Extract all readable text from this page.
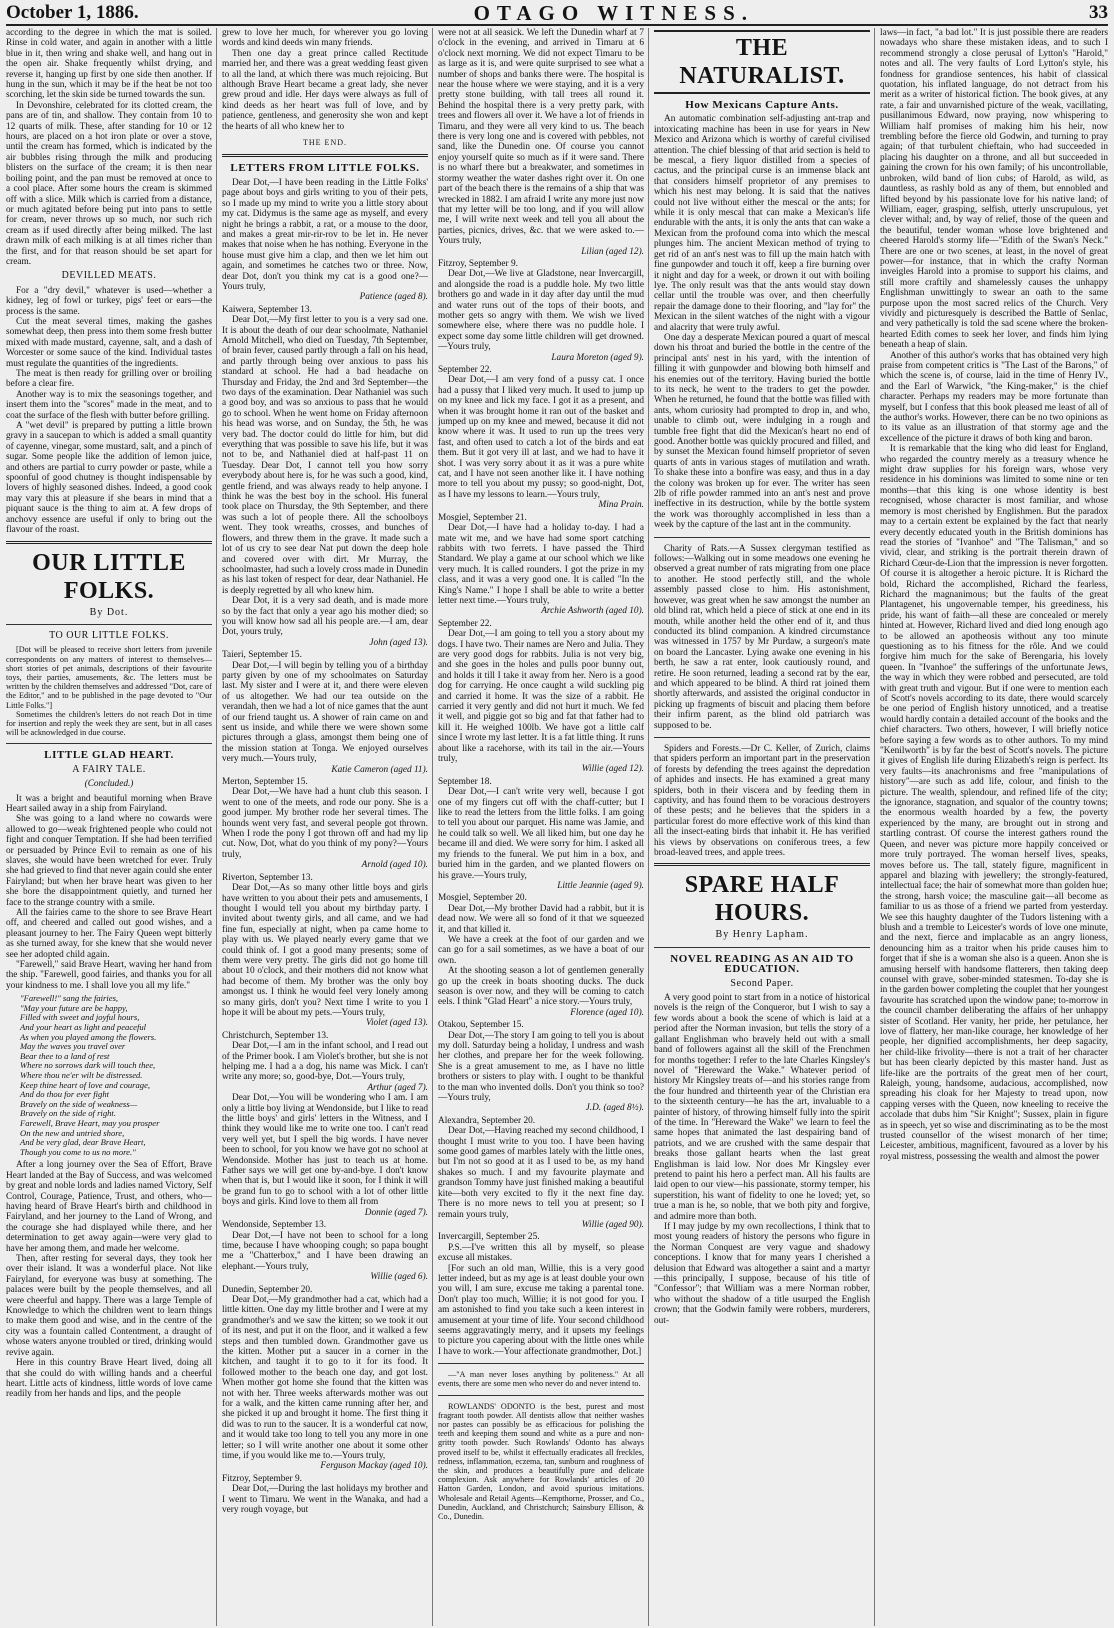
October 1, 1886.	OTAGO WITNESS.	33

according to the degree in which the mat is soiled. Rinse in cold water, and again in another with a little blue in it, then wring and shake well, and hang out in the open air. Shake frequently whilst drying, and reverse it, hanging up first by one side then another. If hung in the sun, which it may be if the heat be not too scorching, let the skin side be turned towards the sun.

In Devonshire, celebrated for its clotted cream, the pans are of tin, and shallow. They contain from 10 to 12 quarts of milk. These, after standing for 10 or 12 hours, are placed on a hot iron plate or over a stove, until the cream has formed, which is indicated by the air bubbles rising through the milk and producing blisters on the surface of the cream; it is then near boiling point, and the pan must be removed at once to a cool place. After some hours the cream is skimmed off with a slice. Milk which is carried from a distance, or much agitated before being put into pans to settle for cream, never throws up so much, nor such rich cream as if used directly after being milked. The last drawn milk of each milking is at all times richer than the first, and for that reason should be set apart for cream.

DEVILLED MEATS.

For a "dry devil," whatever is used—whether a kidney, leg of fowl or turkey, pigs' feet or ears—the process is the same.

Cut the meat several times, making the gashes somewhat deep, then press into them some fresh butter mixed with made mustard, cayenne, salt, and a dash of Worcester or some sauce of the kind. Individual tastes must regulate the quantities of the ingredients.

The meat is then ready for grilling over or broiling before a clear fire.

Another way is to mix the seasonings together, and insert them into the "scores" made in the meat, and to coat the surface of the flesh with butter before grilling.

A "wet devil" is prepared by putting a little brown gravy in a saucepan to which is added a small quantity of cayenne, vinegar, some mustard, salt, and a pinch of sugar. Some people like the addition of lemon juice, and others are partial to curry powder or paste, while a spoonful of good chutney is thought indispensable by lovers of highly seasoned dishes. Indeed, a good cook may vary this at pleasure if she bears in mind that a piquant sauce is the thing to aim at. A few drops of anchovy essence are useful if only to bring out the flavour of the roast.

OUR LITTLE FOLKS.
By Dot.
TO OUR LITTLE FOLKS.

[Dot will be pleased to receive short letters from juvenile correspondents on any matters of interest to themselves—short stories of pet animals, descriptions of their favourite toys, their parties, amusements, &c. The letters must be written by the children themselves and addressed "Dot, care of the Editor," and to be published in the page devoted to "Our Little Folks."]

Sometimes the children's letters do not reach Dot in time for insertion and reply the week they are sent, but in all cases will be acknowledged in due course.

LITTLE GLAD HEART.
A FAIRY TALE.
(Concluded.)

It was a bright and beautiful morning when Brave Heart sailed away in a ship from Fairyland.

She was going to a land where no cowards were allowed to go—weak frightened people who could not fight and conquer Temptation. If she had been terrified or persuaded by Prince Evil to remain as one of his slaves, she would have been wretched for ever. Truly she had grieved to find that never again could she enter Fairyland; but when her brave heart was given to her she bore the disappointment quietly, and turned her face to the strange country with a smile.

All the fairies came to the shore to see Brave Heart off, and cheered and called out good wishes, and a pleasant journey to her. The Fairy Queen wept bitterly as she turned away, for she knew that she would never see her adopted child again.

"Farewell," said Brave Heart, waving her hand from the ship. "Farewell, good fairies, and thanks you for all your kindness to me. I shall love you all my life."

"Farewell!" sang the fairies,
"May your future are be happy,
Filled with sweet and joyful hours,
And your heart as light and peaceful
As when you played among the flowers.
May the waves you travel over
Bear thee to a land of rest
Where no sorrows dark will touch thee,
Where thou ne'er wilt be distressed.
Keep thine heart of love and courage,
And do thou for ever fight
Bravely on the side of weakness—
Bravely on the side of right.
Farewell, Brave Heart, may you prosper
On the new and untried shore,
And be very glad, dear Brave Heart,
Though you come to us no more."

After a long journey over the Sea of Effort, Brave Heart landed at the Bay of Success, and was welcomed by great and noble lords and ladies named Victory, Self Control, Courage, Patience, Trust, and others, who—having heard of Brave Heart's birth and childhood in Fairyland, and her journey to the Land of Wrong, and the courage she had displayed while there, and her determination to get away again—were very glad to have her among them, and made her welcome.

Then, after resting for several days, they took her over their island. It was a wonderful place. Not like Fairyland, for everyone was busy at something. The palaces were built by the people themselves, and all were cheerful and happy. There was a large Temple of Knowledge to which the children went to learn things to make them good and wise, and in the centre of the city was a fountain called Contentment, a draught of whose waters anyone troubled or tired, drinking would revive again.

Here in this country Brave Heart lived, doing all that she could do with willing hands and a cheerful heart. Little acts of kindness, little words of love came readily from her hands and lips, and the people

grew to love her much, for wherever you go loving words and kind deeds win many friends.

Then one day a great prince called Rectitude married her, and there was a great wedding feast given to all the land, at which there was much rejoicing. But although Brave Heart became a great lady, she never grew proud and idle. Her days were always as full of kind deeds as her heart was full of love, and by patience, gentleness, and generosity she won and kept the hearts of all who knew her to

THE END.
LETTERS FROM LITTLE FOLKS.

Dear Dot,—I have been reading in the Little Folks' page about boys and girls writing to you of their pets, so I made up my mind to write you a little story about my cat. Didymus is the same age as myself, and every night he brings a rabbit, a rat, or a mouse to the door, and makes a great mir-rir-rov to be let in. He never makes that noise when he has nothing. Everyone in the house must give him a clap, and then we let him out again, and sometimes he catches two or three. Now, dear Dot, don't you think my cat is a good one?—Yours truly,

Patience (aged 8).

Kaiwera, September 13.

Dear Dot,—My first letter to you is a very sad one. It is about the death of our dear schoolmate, Nathaniel Arnold Mitchell, who died on Tuesday, 7th September, of brain fever, caused partly through a fall on his head, and partly through being over anxious to pass his standard at school. He had a bad headache on Thursday and Friday, the 2nd and 3rd September—the two days of the examination. Dear Nathaniel was such a good boy, and was so anxious to pass that he would go to school. When he went home on Friday afternoon his head was worse, and on Sunday, the 5th, he was very bad. The doctor could do little for him, but did everything that was possible to save his life, but it was not to be, and Nathaniel died at half-past 11 on Tuesday. Dear Dot, I cannot tell you how sorry everybody about here is, for he was such a good, kind, gentle friend, and was always ready to help anyone. I think he was the best boy in the school. His funeral took place on Thursday, the 9th September, and there was such a lot of people there. All the schoolboys went. They took wreaths, crosses, and bunches of flowers, and threw them in the grave. It made such a lot of us cry to see dear Nat put down the deep hole and covered over with dirt. Mr Murray, the schoolmaster, had such a lovely cross made in Dunedin as his last token of respect for dear, dear Nathaniel. He is deeply regretted by all who knew him.

Dear Dot, it is a very sad death, and is made more so by the fact that only a year ago his mother died; so you will know how sad all his people are.—I am, dear Dot, yours truly,

John (aged 13).

Taieri, September 15.

Dear Dot,—I will begin by telling you of a birthday party given by one of my schoolmates on Saturday last. My sister and I were at it, and there were eleven of us altogether. We had our tea outside on the verandah, then we had a lot of nice games that the aunt of our friend taught us. A shower of rain came on and sent us inside, and while there we were shown some pictures through a glass, amongst them being one of the mission station at Tonga. We enjoyed ourselves very much.—Yours truly,

Katie Cameron (aged 11).

Merton, September 15.

Dear Dot,—We have had a hunt club this season. I went to one of the meets, and rode our pony. She is a good jumper. My brother rode her several times. The hounds went very fast, and several people got thrown. When I rode the pony I got thrown off and had my lip cut. Now, Dot, what do you think of my pony?—Yours truly,

Arnold (aged 10).

Riverton, September 13.

Dear Dot,—As so many other little boys and girls have written to you about their pets and amusements, I thought I would tell you about my birthday party. I invited about twenty girls, and all came, and we had fine fun, especially at night, when pa came home to play with us. We played nearly every game that we could think of. I got a good many presents; some of them were very pretty. The girls did not go home till about 10 o'clock, and their mothers did not know what had become of them. My brother was the only boy amongst us. I think he would feel very lonely among so many girls, don't you? Next time I write to you I hope it will be about my pets.—Yours truly,

Violet (aged 13).

Christchurch, September 13.

Dear Dot,—I am in the infant school, and I read out of the Primer book. I am Violet's brother, but she is not helping me. I had a a dog, his name was Mick. I can't write any more; so, good-bye, Dot.—Yours truly,

Arthur (aged 7).

Dear Dot,—You will be wondering who I am. I am only a little boy living at Wendonside, but I like to read the little boys' and girls' letters in the Witness, and I think they would like me to write one too. I can't read very well yet, but I spell the big words. I have never been to school, for you know we have got no school at Wendonside. Mother has just to teach us at home. Father says we will get one by-and-bye. I don't know when that is, but I would like it soon, for I think it will be grand fun to go to school with a lot of other little boys and girls. Kind love to them all from

Donnie (aged 7).

Wendonside, September 13.

Dear Dot,—I have not been to school for a long time, because I have whooping cough; so papa bought me a "Chatterbox," and I have been drawing an elephant.—Yours truly,

Willie (aged 6).

Dunedin, September 20.

Dear Dot,—My grandmother had a cat, which had a little kitten. One day my little brother and I were at my grandmother's and we saw the kitten; so we took it out of its nest, and put it on the floor, and it walked a few steps and then tumbled down. Grandmother gave us the kitten. Mother put a saucer in a corner in the kitchen, and taught it to go to it for its food. It followed mother to the beach one day, and got lost. When mother got home she found that the kitten was not with her. Three weeks afterwards mother was out for a walk, and the kitten came running after her, and she picked it up and brought it home. The first thing it did was to run to the saucer. It is a wonderful cat now, and it would take too long to tell you any more in one letter; so I will write another one about it some other time, if you would like me to.—Yours truly,

Ferguson Mackay (aged 10).

Fitzroy, September 9.

Dear Dot,—During the last holidays my brother and I went to Timaru. We went in the Wanaka, and had a very rough voyage, but

were not at all seasick. We left the Dunedin wharf at 7 o'clock in the evening, and arrived in Timaru at 6 o'clock next morning. We did not expect Timaru to be as large as it is, and were quite surprised to see what a number of shops and banks there were. The hospital is near the house where we were staying, and it is a very pretty stone building, with tall trees all round it. Behind the hospital there is a very pretty park, with trees and flowers all over it. We have a lot of friends in Timaru, and they were all very kind to us. The beach there is very long one and is covered with pebbles, not sand, like the Dunedin one. Of course you cannot enjoy yourself quite so much as if it were sand. There is no wharf there but a breakwater, and sometimes in stormy weather the water dashes right over it. On one part of the beach there is the remains of a ship that was wrecked in 1882. I am afraid I write any more just now that my letter will be too long, and if you will allow me, I will write next week and tell you all about the parties, picnics, drives, &c. that we were asked to.—Yours truly,

Lilian (aged 12).

Fitzroy, September 9.

Dear Dot,—We live at Gladstone, near Invercargill, and alongside the road is a puddle hole. My two little brothers go and wade in it day after day until the mud and water runs out of the tops of their boots, and mother gets so angry with them. We wish we lived somewhere else, where there was no puddle hole. I expect some day some little children will get drowned.—Yours truly,

Laura Moreton (aged 9).

September 22.

Dear Dot,—I am very fond of a pussy cat. I once had a pussy that I liked very much. It used to jump up on my knee and lick my face. I got it as a present, and when it was brought home it ran out of the basket and jumped up on my knee and mewed, because it did not know where it was. It used to run up the trees very fast, and often used to catch a lot of the birds and eat them. But it got very ill at last, and we had to have it shot. I was very sorry about it as it was a pure white cat, and I have not seen another like it. I have nothing more to tell you about my pussy; so good-night, Dot, as I have my lessons to learn.—Yours truly,

Mina Prain.

Mosgiel, September 21.

Dear Dot,—I have had a holiday to-day. I had a mate wit me, and we have had some sport catching rabbits with two ferrets. I have passed the Third Standard. We play a game at our school which we like very much. It is called rounders. I got the prize in my class, and it was a very good one. It is called "In the King's Name." I hope I shall be able to write a better letter next time.—Yours truly,

Archie Ashworth (aged 10).

September 22.

Dear Dot,—I am going to tell you a story about my dogs. I have two. Their names are Nero and Julia. They are very good dogs for rabbits. Julia is not very big, and she goes in the holes and pulls poor bunny out, and holds it till I take it away from her. Nero is a good dog for carrying. He once caught a wild suckling pig and carried it home. It was the size of a rabbit. He carried it very gently and did not hurt it much. We fed it well, and piggie got so big and fat that father had to kill it. He weighed 100lb. We have got a little calf since I wrote my last letter. It is a fat little thing. It runs about like a racehorse, with its tail in the air.—Yours truly,

Willie (aged 12).

September 18.

Dear Dot,—I can't write very well, because I got one of my fingers cut off with the chaff-cutter; but I like to read the letters from the little folks. I am going to tell you about our parquet. His name was Jamie, and he could talk so well. We all liked him, but one day he became ill and died. We were sorry for him. I asked all my friends to the funeral. We put him in a box, and buried him in the garden, and we planted flowers on his grave.—Yours truly,

Little Jeannie (aged 9).

Mosgiel, September 20.

Dear Dot,—My brother David had a rabbit, but it is dead now. We were all so fond of it that we squeezed it, and that killed it.

We have a creek at the foot of our garden and we can go for a sail sometimes, as we have a boat of our own.

At the shooting season a lot of gentlemen generally go up the creek in boats shooting ducks. The duck season is over now, and they will be coming to catch eels. I think "Glad Heart" a nice story.—Yours truly,

Florence (aged 10).

Otakou, September 15.

Dear Dot,—The story I am going to tell you is about my doll. Saturday being a holiday, I undress and wash her clothes, and prepare her for the week following. She is a great amusement to me, as I have no little brothers or sisters to play with. I ought to be thankful to the man who invented dolls. Don't you think so too?—Yours truly,

J.D. (aged 8½).

Alexandra, September 20.

Dear Dot,—Having reached my second childhood, I thought I must write to you too. I have been having some good games of marbles lately with the little ones, but I'm not so good at it as I used to be, as my hand shakes so much. I and my favourite playmate and grandson Tommy have just finished making a beautiful kite—both very excited to fly it the next fine day. There is no more news to tell you at present; so I remain yours truly,

Willie (aged 90).

Invercargill, September 25.

P.S.—I've written this all by myself, so please excuse all mistakes.

[For such an old man, Willie, this is a very good letter indeed, but as my age is at least double your own you will, I am sure, excuse me taking a parental tone. Don't play too much, Willie; it is not good for you. I am astonished to find you take such a keen interest in amusement at your time of life. Your second childhood seems aggravatingly merry, and it upsets my feelings to picture you capering about with the little ones while I have to work.—Your affectionate grandmother, Dot.]

—"A man never loses anything by politeness." At all events, there are some men who never do and never intend to.

ROWLANDS' ODONTO is the best, purest and most fragrant tooth powder. All dentists allow that neither washes nor pastes can possibly be as efficacious for polishing the teeth and keeping them sound and white as a pure and non-gritty tooth powder. Such Rowlands' Odonto has always proved itself to be, whilst it effectually eradicates all freckles, redness, inflammation, eczema, tan, sunburn and roughness of the skin, and produces a beautifully pure and delicate complexion. Ask anywhere for Rowlands' articles of 20 Hatton Garden, London, and avoid spurious imitations. Wholesale and Retail Agents—Kempthorne, Prosser, and Co., Dunedin, Auckland, and Christchurch; Sainsbury Ellison, & Co., Dunedin.

THE NATURALIST.
How Mexicans Capture Ants.

An automatic combination self-adjusting ant-trap and intoxicating machine has been in use for years in New Mexico and Arizona which is worthy of careful civilised attention. The chief blessing of that arid section is held to be mescal, a fiery liquor distilled from a species of cactus, and the principal curse is an immense black ant that considers himself proprietor of any premises to which his nest may belong. It is said that the natives could not live without either the mescal or the ants; for while it is only mescal that can make a Mexican's life endurable with the ants, it is only the ants that can wake a Mexican from the profound coma into which the mescal plunges him. The ancient Mexican method of trying to get rid of an ant's nest was to fill up the main hatch with fine gunpowder and touch it off, keep a fire burning over it night and day for a week, or drown it out with boiling lye. The only result was that the ants would stay down cellar until the trouble was over, and then cheerfully repair the damage done to their flooring, and "lay for" the Mexican in the silent watches of the night with a vigour and alacrity that were truly awful.

One day a desperate Mexican poured a quart of mescal down his throat and buried the bottle in the centre of the principal ants' nest in his yard, with the intention of filling it with gunpowder and blowing both himself and his enemies out of the territory. Having buried the bottle to its neck, he went to the traders to get the powder. When he returned, he found that the bottle was filled with ants, whom curiosity had prompted to drop in, and who, unable to climb out, were indulging in a rough and tumble free fight that did the Mexican's heart no end of good. Another bottle was quickly procured and filled, and by sunset the Mexican found himself proprietor of seven quarts of ants in various stages of mutilation and wrath. To shake these into a bonfire was easy, and thus in a day the colony was broken up for ever. The writer has seen 2lb of rifle powder rammed into an ant's nest and prove ineffective in its destruction, while by the bottle system the work was thoroughly accomplished in less than a week by the capture of the last ant in the community.

Charity of Rats.—A Sussex clergyman testified as follows:—Walking out in some meadows one evening he observed a great number of rats migrating from one place to another. He stood perfectly still, and the whole assembly passed close to him. His astonishment, however, was great when he saw amongst the number an old blind rat, which held a piece of stick at one end in its mouth, while another held the other end of it, and thus conducted its blind companion. A kindred circumstance was witnessed in 1757 by Mr Purdaw, a surgeon's mate on board the Lancaster. Lying awake one evening in his berth, he saw a rat enter, look cautiously round, and retire. He soon returned, leading a second rat by the ear, and which appeared to be blind. A third rat joined them shortly afterwards, and assisted the original conductor in picking up fragments of biscuit and placing them before their infirm parent, as the blind old patriarch was supposed to be.

Spiders and Forests.—Dr C. Keller, of Zurich, claims that spiders perform an important part in the preservation of forests by defending the trees against the depredation of aphides and insects. He has examined a great many spiders, both in their viscera and by feeding them in captivity, and has found them to be voracious destroyers of these pests; and he believes that the spiders in a particular forest do more effective work of this kind than all the insect-eating birds that inhabit it. He has verified his views by observations on coniferous trees, a few broad-leaved trees, and apple trees.

SPARE HALF HOURS.
By Henry Lapham.
NOVEL READING AS AN AID TO EDUCATION.
Second Paper.

A very good point to start from in a notice of historical novels is the reign of the Conqueror, but I wish to say a few words about a book the scene of which is laid at a period after the Norman invasion, but tells the story of a gallant Englishman who bravely held out with a small band of followers against all the skill of the Frenchmen for months together: I refer to the late Charles Kingsley's novel of "Hereward the Wake." Whatever period of history Mr Kingsley treats of—and his stories range from the four hundred and thirteenth year of the Christian era to the sixteenth century—he has the art, invaluable to a painter of history, of throwing himself fully into the spirit of the time. In "Hereward the Wake" we learn to feel the same hopes that animated the last despairing band of patriots, and we are crushed with the same despair that breaks those gallant hearts when the last great Englishman is laid low. Nor does Mr Kingsley ever pretend to paint his hero a perfect man. All his faults are laid open to our view—his passionate, stormy temper, his superstition, his want of fidelity to one he loved; yet, so true a man is he, so noble, that we both pity and forgive, and admire more than both.

If I may judge by my own recollections, I think that to most young readers of history the persons who figure in the Norman Conquest are very vague and shadowy conceptions. I know that for many years I cherished a delusion that Edward was altogether a saint and a martyr—this principally, I suppose, because of his title of "Confessor"; that William was a mere Norman robber, who without the shadow of a title usurped the English crown; that the Godwin family were robbers, murderers, out-

laws—in fact, "a bad lot." It is just possible there are readers nowadays who share these mistaken ideas, and to such I recommend strongly a close perusal of Lytton's "Harold," notes and all. The very faults of Lord Lytton's style, his fondness for grandiose sentences, his habit of classical quotation, his inflated language, do not detract from his merit as a writer of historical fiction. The book gives, at any rate, a fair and unvarnished picture of the weak, vacillating, pusillanimous Edward, now praying, now whispering to William half promises of making him his heir, now trembling before the fierce old Godwin, and turning to pray again; of that turbulent chieftain, who had succeeded in placing his daughter on a throne, and all but succeeded in gaining the crown for his own family; of his uncontrollable, unbroken, wild band of lion cubs; of Harold, as wild, as dauntless, as rashly bold as any of them, but ennobled and lifted beyond by his passionate love for his native land; of William, eager, grasping, selfish, utterly unscrupulous, yet clever withal; and, by way of relief, those of the queen and the beautiful, tender woman whose love brightened and cheered Harold's stormy life—"Edith of the Swan's Neck." There are one or two scenes, at least, in the novel of great power—for instance, that in which the crafty Norman inveigles Harold into a promise to support his claims, and still more craftily and shamelessly causes the unhappy Englishman unwittingly to swear an oath to the same purpose upon the most sacred relics of the Church. Very vividly and picturesquely is described the Battle of Senlac, and very pathetically is told the sad scene where the broken-hearted Edith comes to seek her lover, and finds him lying beneath a heap of slain.

Another of this author's works that has obtained very high praise from competent critics is "The Last of the Barons," of which the scene is, of course, laid in the time of Henry IV., and the Earl of Warwick, "the King-maker," is the chief character. Perhaps my readers may be more fortunate than myself, but I confess that this book pleased me least of all of the author's works. However, there can be no two opinions as to its value as an illustration of that stormy age and the excellence of the picture it draws of both king and baron.

It is remarkable that the king who did least for England, who regarded the country merely as a treasury whence he might draw supplies for his foreign wars, whose very residence in his dominions was limited to some nine or ten months—that this king is one whose identity is best recognised, whose character is most familiar, and whose memory is most cherished by Englishmen. But the paradox may to a certain extent be explained by the fact that nearly every decently educated youth in the British dominions has read the stories of "Ivanhoe" and "The Talisman," and so vivid, clear, and striking is the portrait therein drawn of Richard Cœur-de-Lion that the impression is never forgotten. Of course it is altogether a heroic picture. It is Richard the bold, Richard the accomplished, Richard the fearless, Richard the magnanimous; but the faults of the great Plantagenet, his ungovernable temper, his greediness, his pride, his want of faith—all these are concealed or merely hinted at. However, Richard lived and died long enough ago to be allowed an apotheosis without any too minute questioning as to his fitness for the rôle. And we could forgive him much for the sake of Berengaria, his lovely queen. In "Ivanhoe" the sufferings of the unfortunate Jews, the way in which they were robbed and persecuted, are told with great truth and vigour. But if one were to mention each of Scott's novels according to its date, there would scarcely be one period of English history unnoticed, and a treatise would hardly contain a detailed account of the books and the chief characters. Two others, however, I will briefly notice before saying a few words as to other authors. To my mind "Kenilworth" is by far the best of Scott's novels. The picture it gives of English life during Elizabeth's reign is perfect. Its very faults—its anachronisms and free "manipulations of history"—are such as add life, colour, and finish to the picture. The wealth, splendour, and refined life of the city; the ignorance, stagnation, and squalor of the country towns; the enormous wealth hoarded by a few, the poverty experienced by the many, are brought out in strong and startling contrast. Of course the interest gathers round the Queen, and never was picture more happily conceived or more truly portrayed. The woman herself lives, speaks, moves before us. The tall, stately figure, magnificent in apparel and blazing with jewellery; the strongly-featured, intellectual face; the hair of somewhat more than golden hue; the strong, harsh voice; the masculine gait—all become as familiar to us as those of a friend we parted from yesterday. We see this haughty daughter of the Tudors listening with a blush and a tremble to Leicester's words of love one minute, and the next, fierce and implacable as an angry lioness, denouncing him as a traitor when his pride causes him to forget that if she is a woman she also is a queen. Anon she is amusing herself with handsome flatterers, then taking deep counsel with grave, sober-minded statesmen. To-day she is in the garden bower completing the couplet that her youngest favourite has scratched upon the window pane; to-morrow in the council chamber deliberating the affairs of her unhappy sister of Scotland. Her vanity, her pride, her petulance, her love of flattery, her man-like courage, her knowledge of her people, her dignified accomplishments, her deep sagacity, her child-like frivolity—there is not a trait of her character but has been clearly depicted by this master hand. Just as life-like are the portraits of the great men of her court, Raleigh, young, handsome, audacious, accomplished, now spreading his cloak for her Majesty to tread upon, now capping verses with the Queen, now kneeling to receive the accolade that dubs him "Sir Knight"; Sussex, plain in figure as in speech, yet so wise and discriminating as to be the most trusted counsellor of the wisest monarch of her time; Leicester, ambitious, magnificent, favoured as a lover by his royal mistress, possessing the wealth and almost the power
